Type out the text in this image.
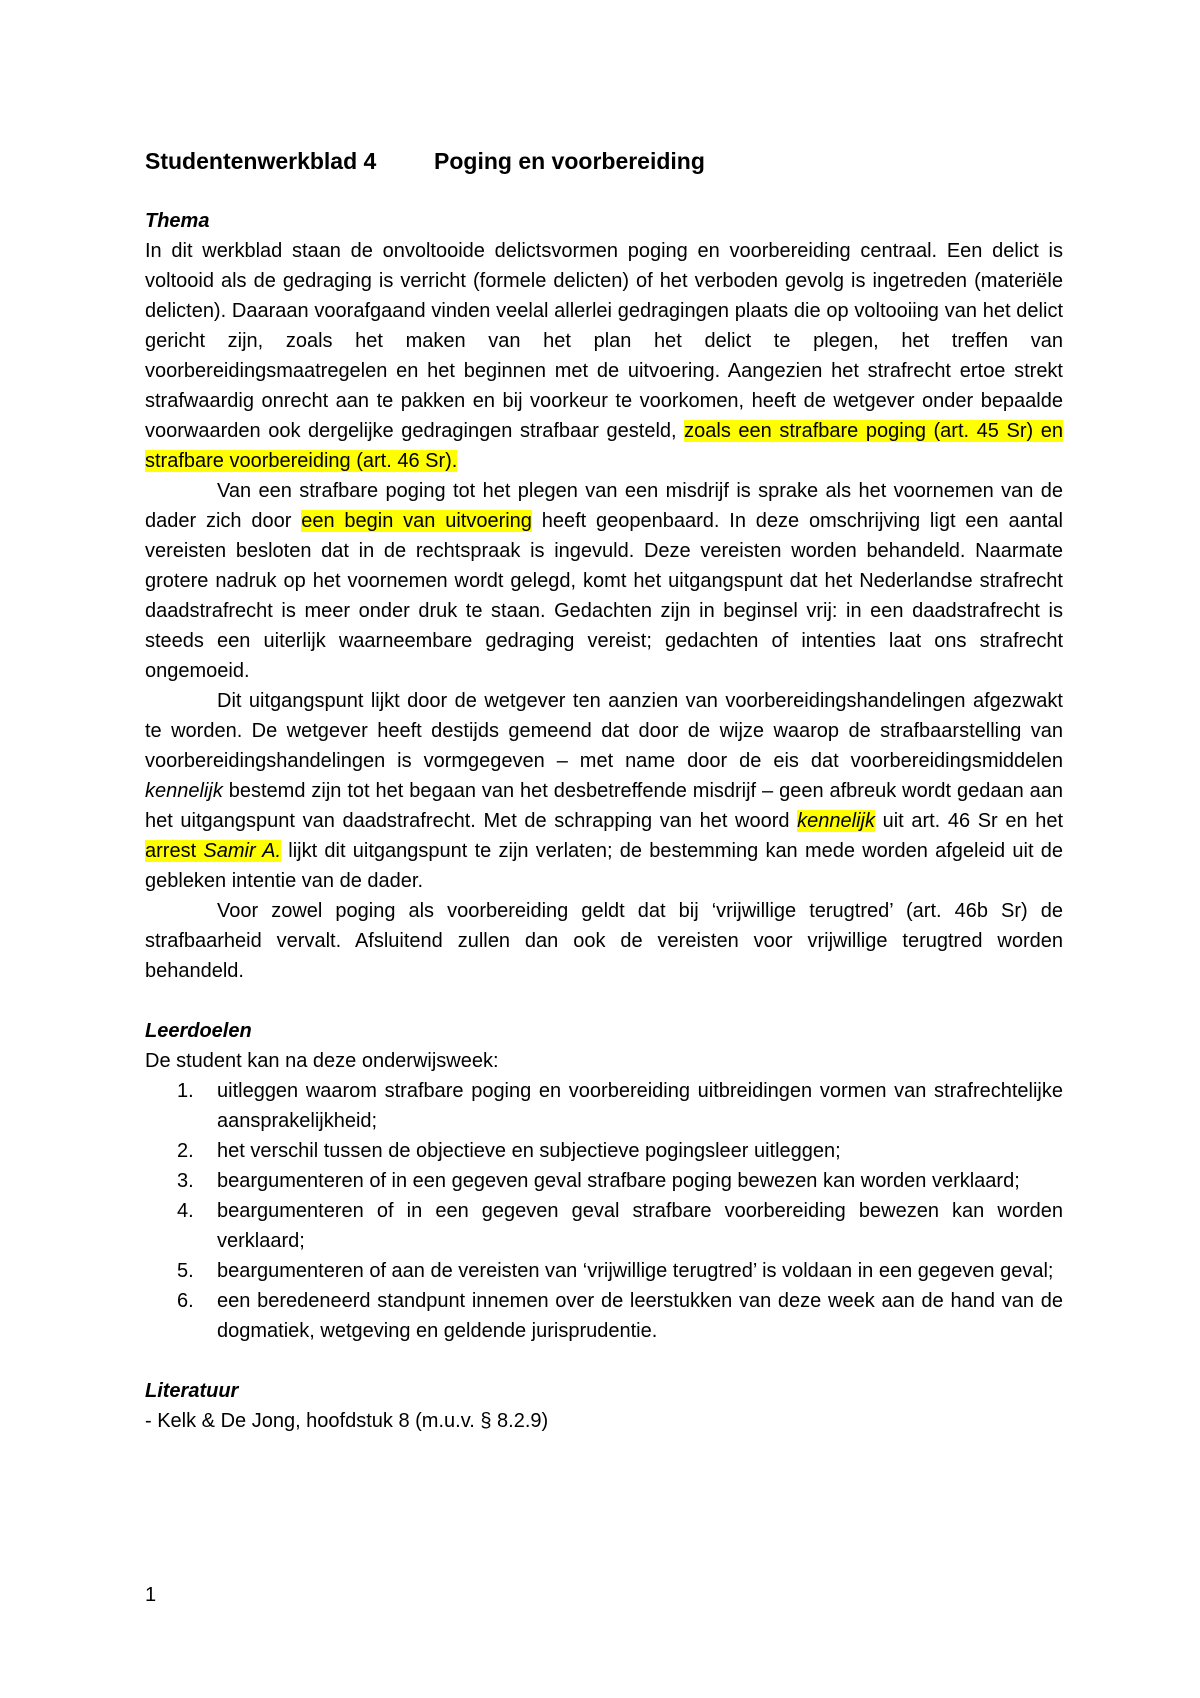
Studentenwerkblad 4	Poging en voorbereiding
Thema

In dit werkblad staan de onvoltooide delictsvormen poging en voorbereiding centraal. Een delict is voltooid als de gedraging is verricht (formele delicten) of het verboden gevolg is ingetreden (materiële delicten). Daaraan voorafgaand vinden veelal allerlei gedragingen plaats die op voltooiing van het delict gericht zijn, zoals het maken van het plan het delict te plegen, het treffen van voorbereidingsmaatregelen en het beginnen met de uitvoering. Aangezien het strafrecht ertoe strekt strafwaardig onrecht aan te pakken en bij voorkeur te voorkomen, heeft de wetgever onder bepaalde voorwaarden ook dergelijke gedragingen strafbaar gesteld, zoals een strafbare poging (art. 45 Sr) en strafbare voorbereiding (art. 46 Sr).

Van een strafbare poging tot het plegen van een misdrijf is sprake als het voornemen van de dader zich door een begin van uitvoering heeft geopenbaard. In deze omschrijving ligt een aantal vereisten besloten dat in de rechtspraak is ingevuld. Deze vereisten worden behandeld. Naarmate grotere nadruk op het voornemen wordt gelegd, komt het uitgangspunt dat het Nederlandse strafrecht daadstrafrecht is meer onder druk te staan. Gedachten zijn in beginsel vrij: in een daadstrafrecht is steeds een uiterlijk waarneembare gedraging vereist; gedachten of intenties laat ons strafrecht ongemoeid.

Dit uitgangspunt lijkt door de wetgever ten aanzien van voorbereidingshandelingen afgezwakt te worden. De wetgever heeft destijds gemeend dat door de wijze waarop de strafbaarstelling van voorbereidingshandelingen is vormgegeven – met name door de eis dat voorbereidingsmiddelen kennelijk bestemd zijn tot het begaan van het desbetreffende misdrijf – geen afbreuk wordt gedaan aan het uitgangspunt van daadstrafrecht. Met de schrapping van het woord kennelijk uit art. 46 Sr en het arrest Samir A. lijkt dit uitgangspunt te zijn verlaten; de bestemming kan mede worden afgeleid uit de gebleken intentie van de dader.

Voor zowel poging als voorbereiding geldt dat bij ‘vrijwillige terugtred’ (art. 46b Sr) de strafbaarheid vervalt. Afsluitend zullen dan ook de vereisten voor vrijwillige terugtred worden behandeld.

Leerdoelen
De student kan na deze onderwijsweek:
1.	uitleggen waarom strafbare poging en voorbereiding uitbreidingen vormen van strafrechtelijke aansprakelijkheid;
2.	het verschil tussen de objectieve en subjectieve pogingsleer uitleggen;
3.	beargumenteren of in een gegeven geval strafbare poging bewezen kan worden verklaard;
4.	beargumenteren of in een gegeven geval strafbare voorbereiding bewezen kan worden verklaard;
5.	beargumenteren of aan de vereisten van ‘vrijwillige terugtred’ is voldaan in een gegeven geval;
6.	een beredeneerd standpunt innemen over de leerstukken van deze week aan de hand van de dogmatiek, wetgeving en geldende jurisprudentie.
Literatuur
- Kelk & De Jong, hoofdstuk 8 (m.u.v. § 8.2.9)
1
